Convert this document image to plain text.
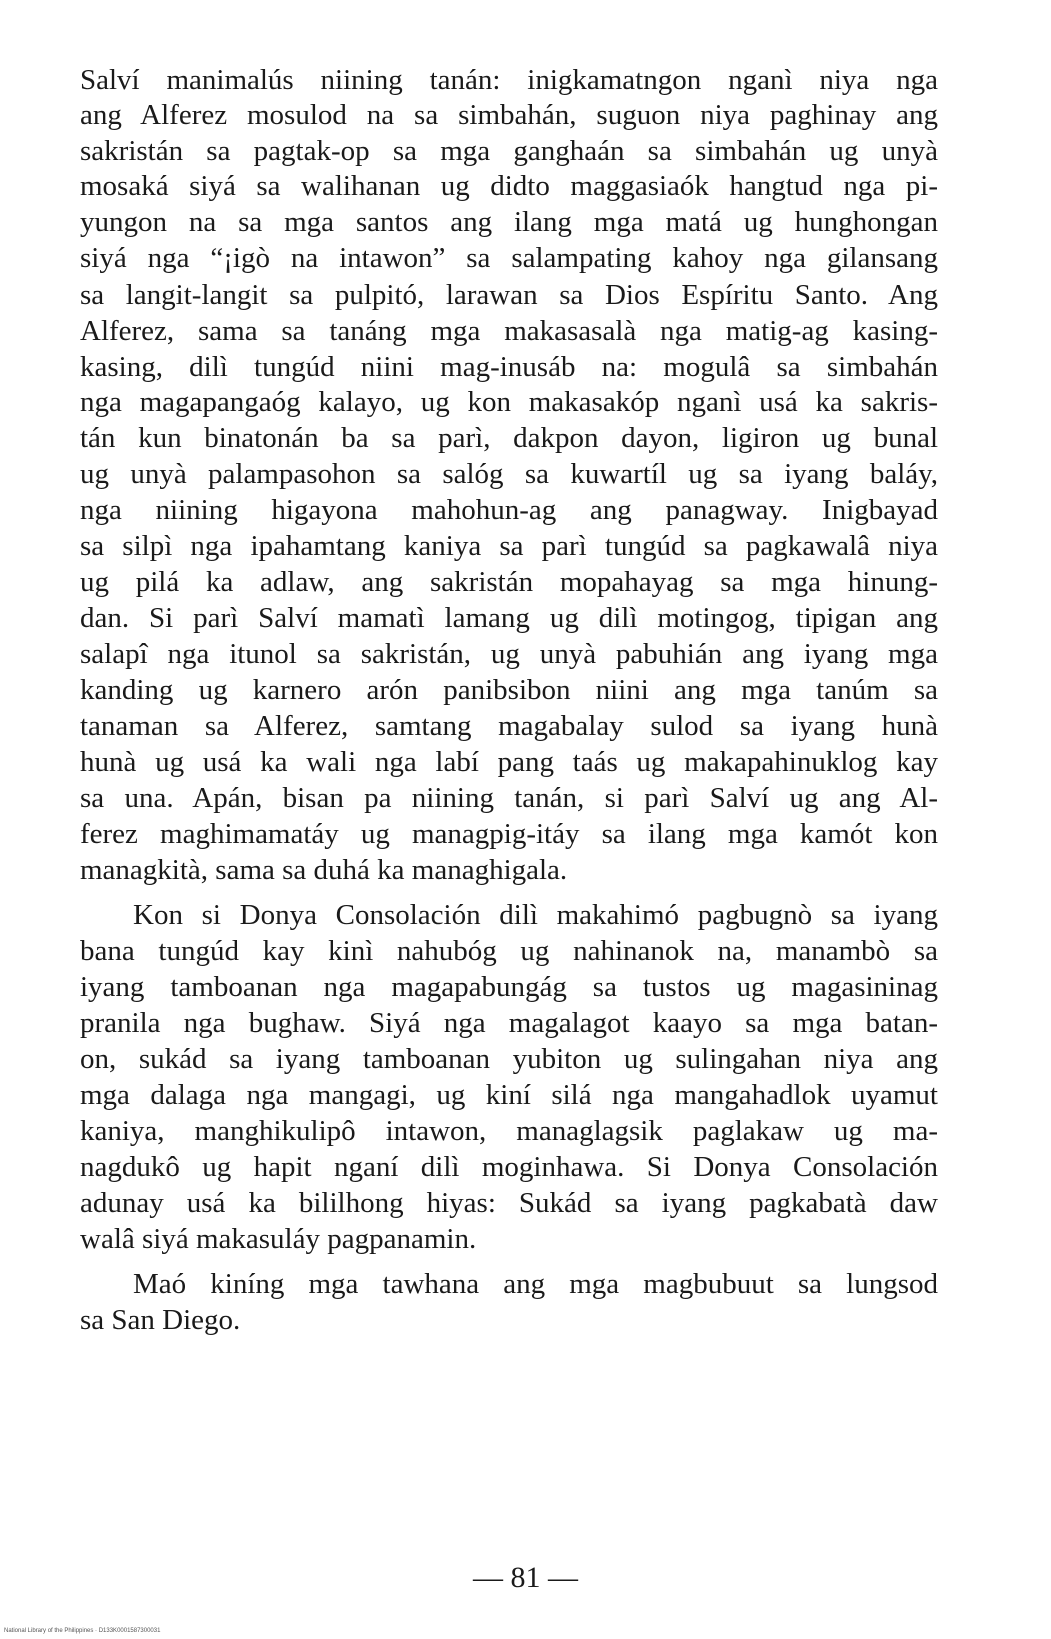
Salví manimalús niining tanán: inigkamatngon nganì niya nga
ang Alferez mosulod na sa simbahán, suguon niya paghinay ang
sakristán sa pagtak-op sa mga ganghaán sa simbahán ug unyà
mosaká siyá sa walihanan ug didto maggasiaók hangtud nga pi-
yungon na sa mga santos ang ilang mga matá ug hunghongan
siyá nga “¡igò na intawon” sa salampating kahoy nga gilansang
sa langit-langit sa pulpitó, larawan sa Dios Espíritu Santo. Ang
Alferez, sama sa tanáng mga makasasalà nga matig-ag kasing-
kasing, dilì tungúd niini mag-inusáb na: mogulâ sa simbahán
nga magapangaóg kalayo, ug kon makasakóp nganì usá ka sakris-
tán kun binatonán ba sa parì, dakpon dayon, ligiron ug bunal
ug unyà palampasohon sa salóg sa kuwartíl ug sa iyang baláy,
nga niining higayona mahohun-ag ang panagway. Inigbayad
sa silpì nga ipahamtang kaniya sa parì tungúd sa pagkawalâ niya
ug pilá ka adlaw, ang sakristán mopahayag sa mga hinung-
dan. Si parì Salví mamatì lamang ug dilì motingog, tipigan ang
salapî nga itunol sa sakristán, ug unyà pabuhián ang iyang mga
kanding ug karnero arón panibsibon niini ang mga tanúm sa
tanaman sa Alferez, samtang magabalay sulod sa iyang hunà
hunà ug usá ka wali nga labí pang taás ug makapahinuklog kay
sa una. Apán, bisan pa niining tanán, si parì Salví ug ang Al-
ferez maghimamatáy ug managpig-itáy sa ilang mga kamót kon
managkità, sama sa duhá ka managhigala.
Kon si Donya Consolación dilì makahimó pagbugnò sa iyang
bana tungúd kay kinì nahubóg ug nahinanok na, manambò sa
iyang tamboanan nga magapabungág sa tustos ug magasininag
pranila nga bughaw. Siyá nga magalagot kaayo sa mga batan-
on, sukád sa iyang tamboanan yubiton ug sulingahan niya ang
mga dalaga nga mangagi, ug kiní silá nga mangahadlok uyamut
kaniya, manghikulipô intawon, managlagsik paglakaw ug ma-
nagdukô ug hapit nganí dilì moginhawa. Si Donya Consolación
adunay usá ka bililhong hiyas: Sukád sa iyang pagkabatà daw
walâ siyá makasuláy pagpanamin.
Maó kiníng mga tawhana ang mga magbubuut sa lungsod
sa San Diego.
— 81 —
National Library of the Philippines · D133K0001587300031
